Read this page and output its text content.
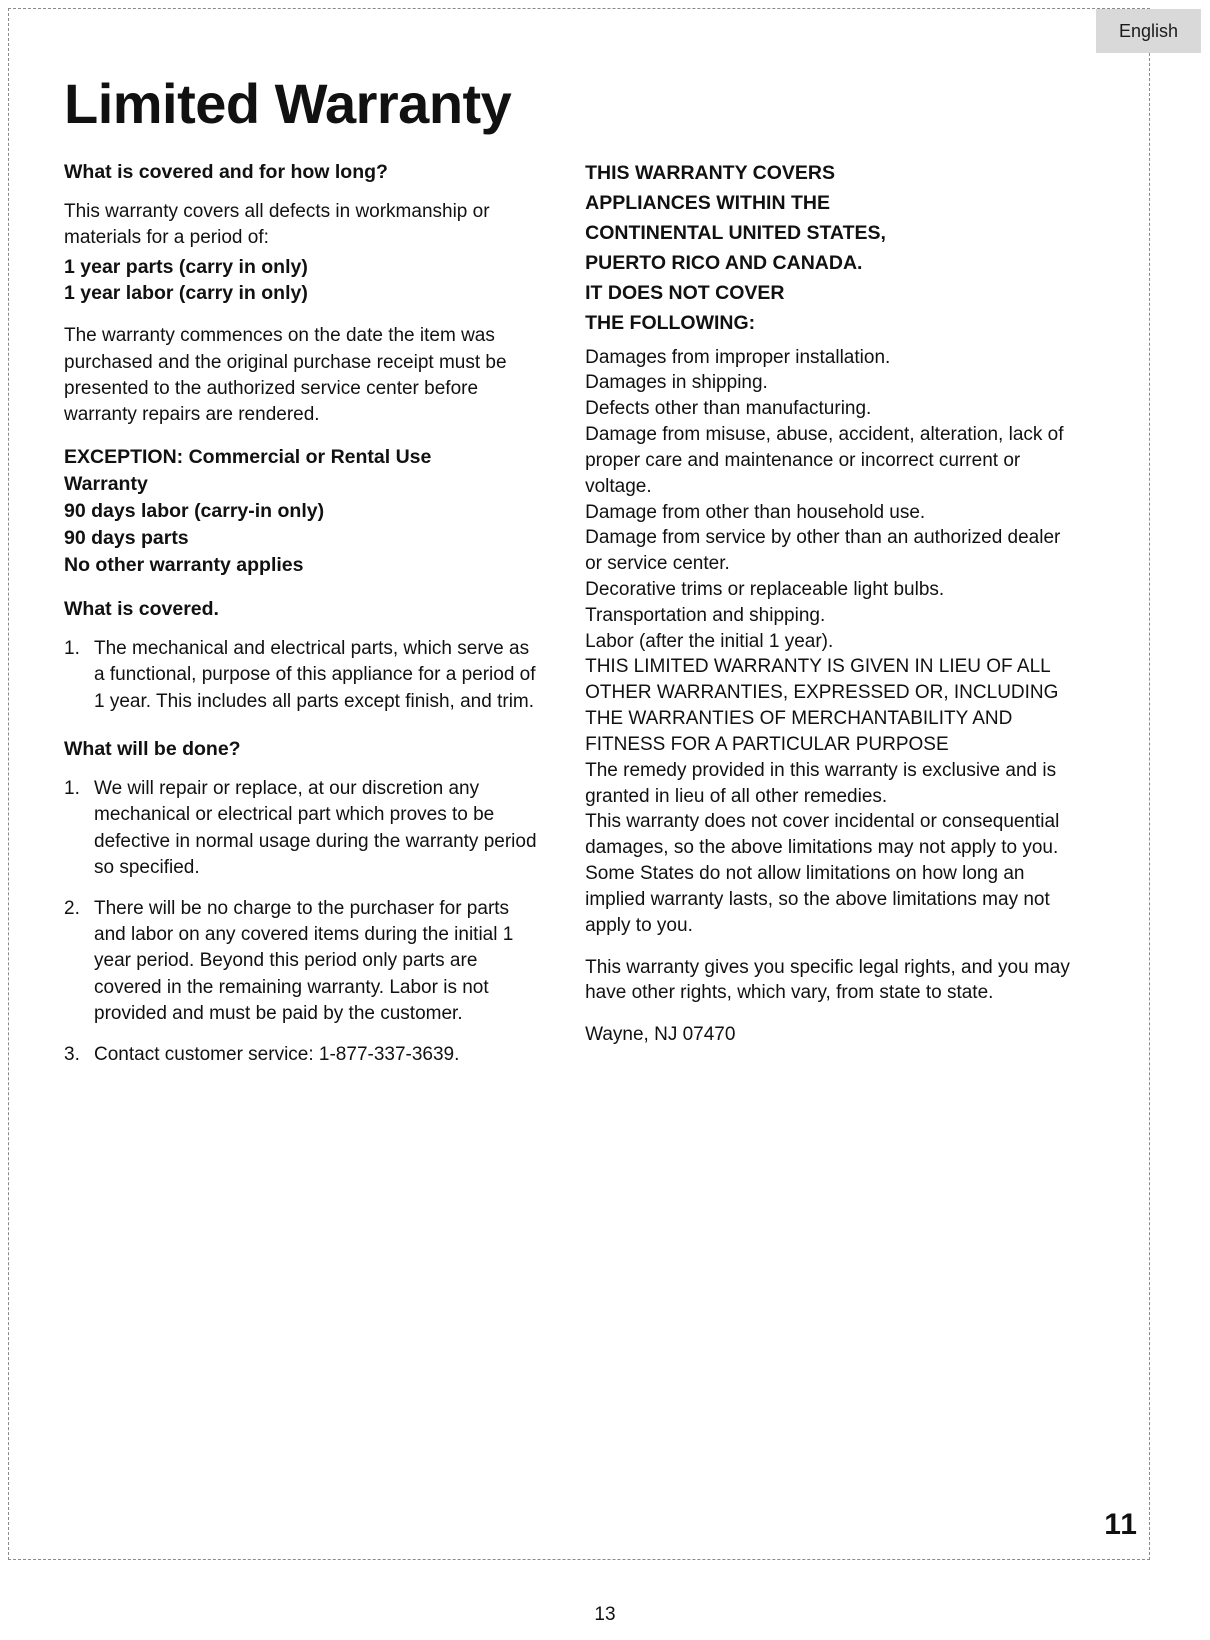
English
Limited Warranty
What is covered and for how long?

This warranty covers all defects in workmanship or materials for a period of:

1 year parts (carry in only)
1 year labor (carry in only)

The warranty commences on the date the item was purchased and the original purchase receipt must be presented to the authorized service center before warranty repairs are rendered.

EXCEPTION: Commercial or Rental Use
Warranty
90 days labor (carry-in only)
90 days parts
No other warranty applies
What is covered.
1. The mechanical and electrical parts, which serve as a functional, purpose of this appliance for a period of 1 year. This includes all parts except finish, and trim.
What will be done?
1. We will repair or replace, at our discretion any mechanical or electrical part which proves to be defective in normal usage during the warranty period so specified.
2. There will be no charge to the purchaser for parts and labor on any covered items during the initial 1 year period. Beyond this period only parts are covered in the remaining warranty. Labor is not provided and must be paid by the customer.
3. Contact customer service: 1-877-337-3639.
THIS WARRANTY COVERS
APPLIANCES WITHIN THE
CONTINENTAL UNITED STATES,
PUERTO RICO AND CANADA.
IT DOES NOT COVER
THE FOLLOWING:
Damages from improper installation.
Damages in shipping.
Defects other than manufacturing.
Damage from misuse, abuse, accident, alteration, lack of proper care and maintenance or incorrect current or voltage.
Damage from other than household use.
Damage from service by other than an authorized dealer or service center.
Decorative trims or replaceable light bulbs.
Transportation and shipping.
Labor (after the initial 1 year).
THIS LIMITED WARRANTY IS GIVEN IN LIEU OF ALL OTHER WARRANTIES, EXPRESSED OR, INCLUDING THE WARRANTIES OF MERCHANTABILITY AND FITNESS FOR A PARTICULAR PURPOSE
The remedy provided in this warranty is exclusive and is granted in lieu of all other remedies.
This warranty does not cover incidental or consequential damages, so the above limitations may not apply to you. Some States do not allow limitations on how long an implied warranty lasts, so the above limitations may not apply to you.
This warranty gives you specific legal rights, and you may have other rights, which vary, from state to state.
Wayne, NJ 07470
11
13
